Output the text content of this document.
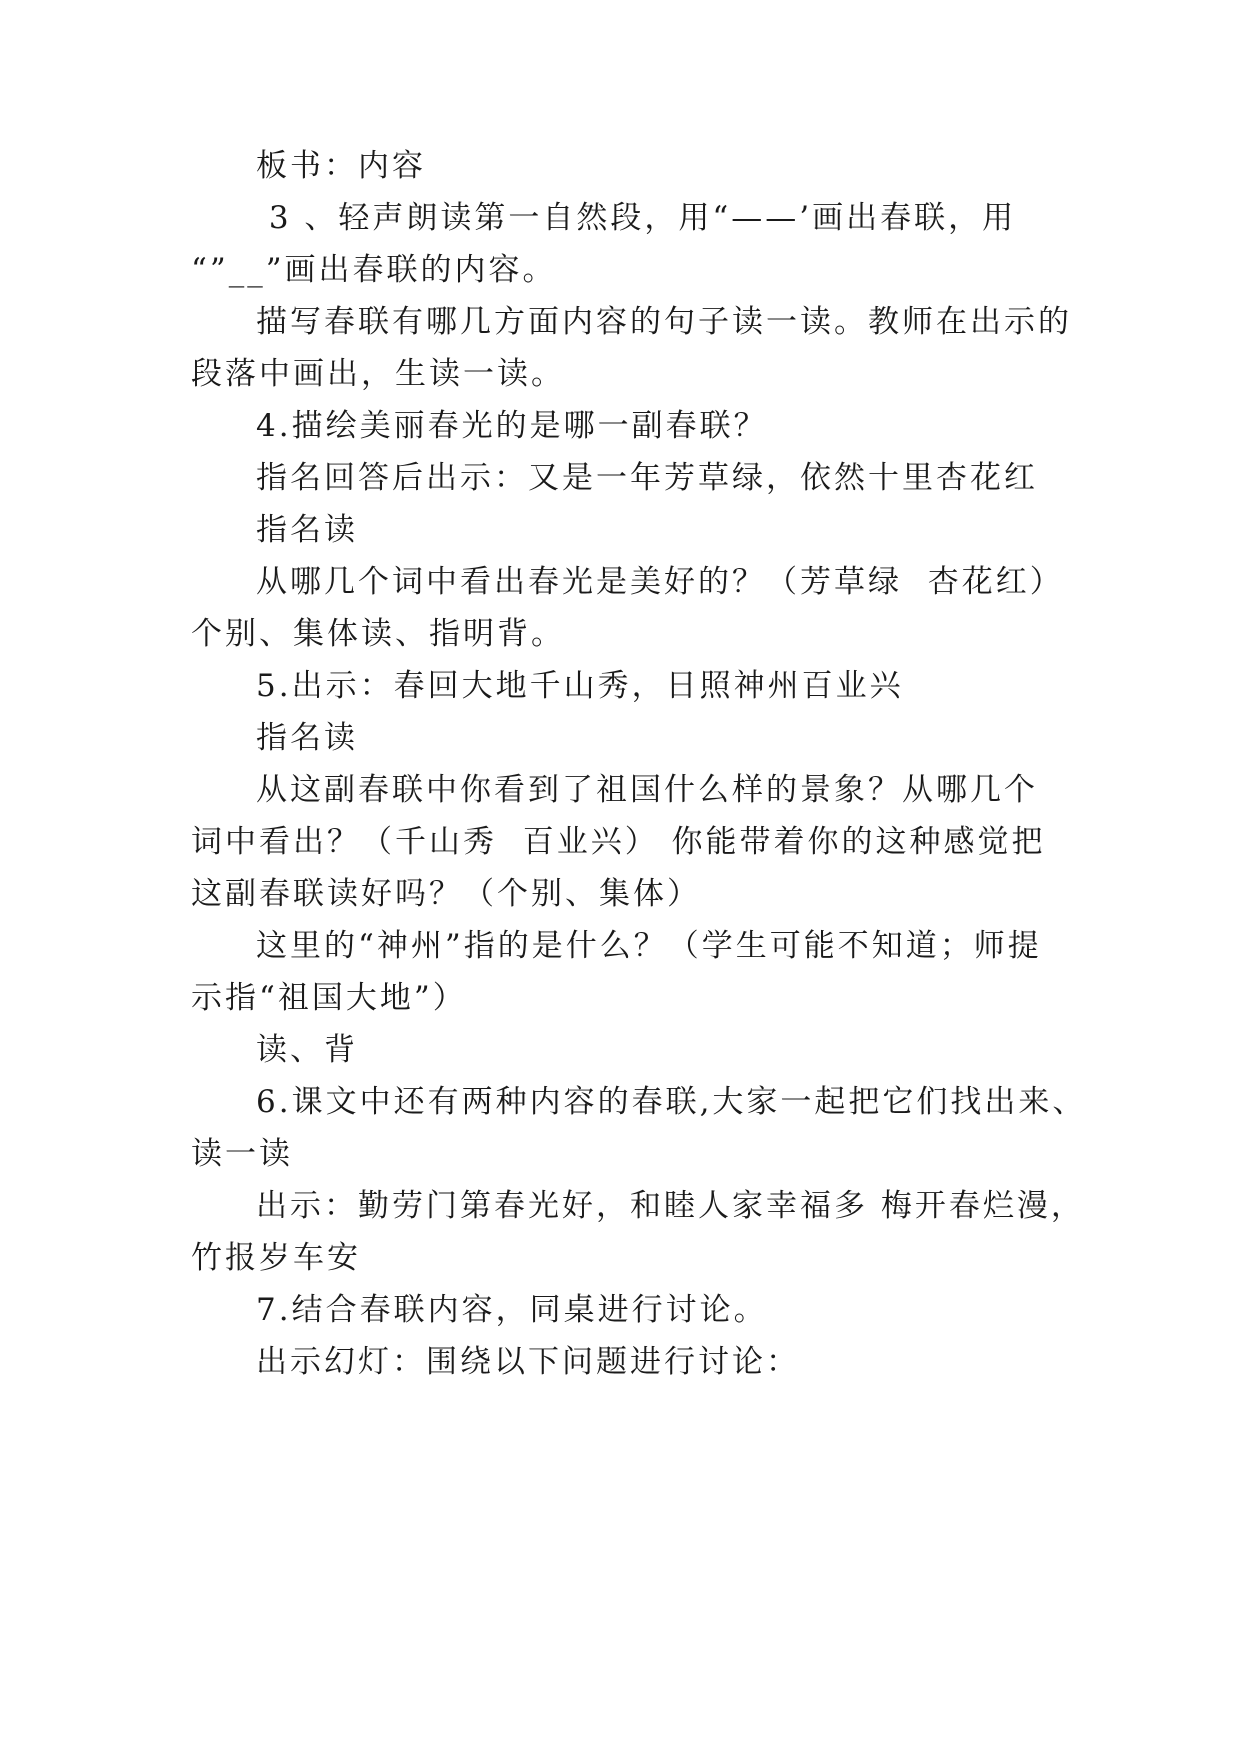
板书：内容
3 、轻声朗读第一自然段，用“——’画出春联，用
“”__”画出春联的内容。
描写春联有哪几方面内容的句子读一读。教师在出示的
段落中画出，生读一读。
4.描绘美丽春光的是哪一副春联？
指名回答后出示：又是一年芳草绿，依然十里杏花红
指名读
从哪几个词中看出春光是美好的？（芳草绿  杏花红）
个别、集体读、指明背。
5.出示：春回大地千山秀，日照神州百业兴
指名读
从这副春联中你看到了祖国什么样的景象？从哪几个
词中看出？（千山秀  百业兴） 你能带着你的这种感觉把
这副春联读好吗？（个别、集体）
这里的“神州”指的是什么？（学生可能不知道；师提
示指“祖国大地”）
读、背
6.课文中还有两种内容的春联,大家一起把它们找出来、
读一读
出示：勤劳门第春光好，和睦人家幸福多 梅开春烂漫，
竹报岁车安
7.结合春联内容，同桌进行讨论。
出示幻灯：围绕以下问题进行讨论：
